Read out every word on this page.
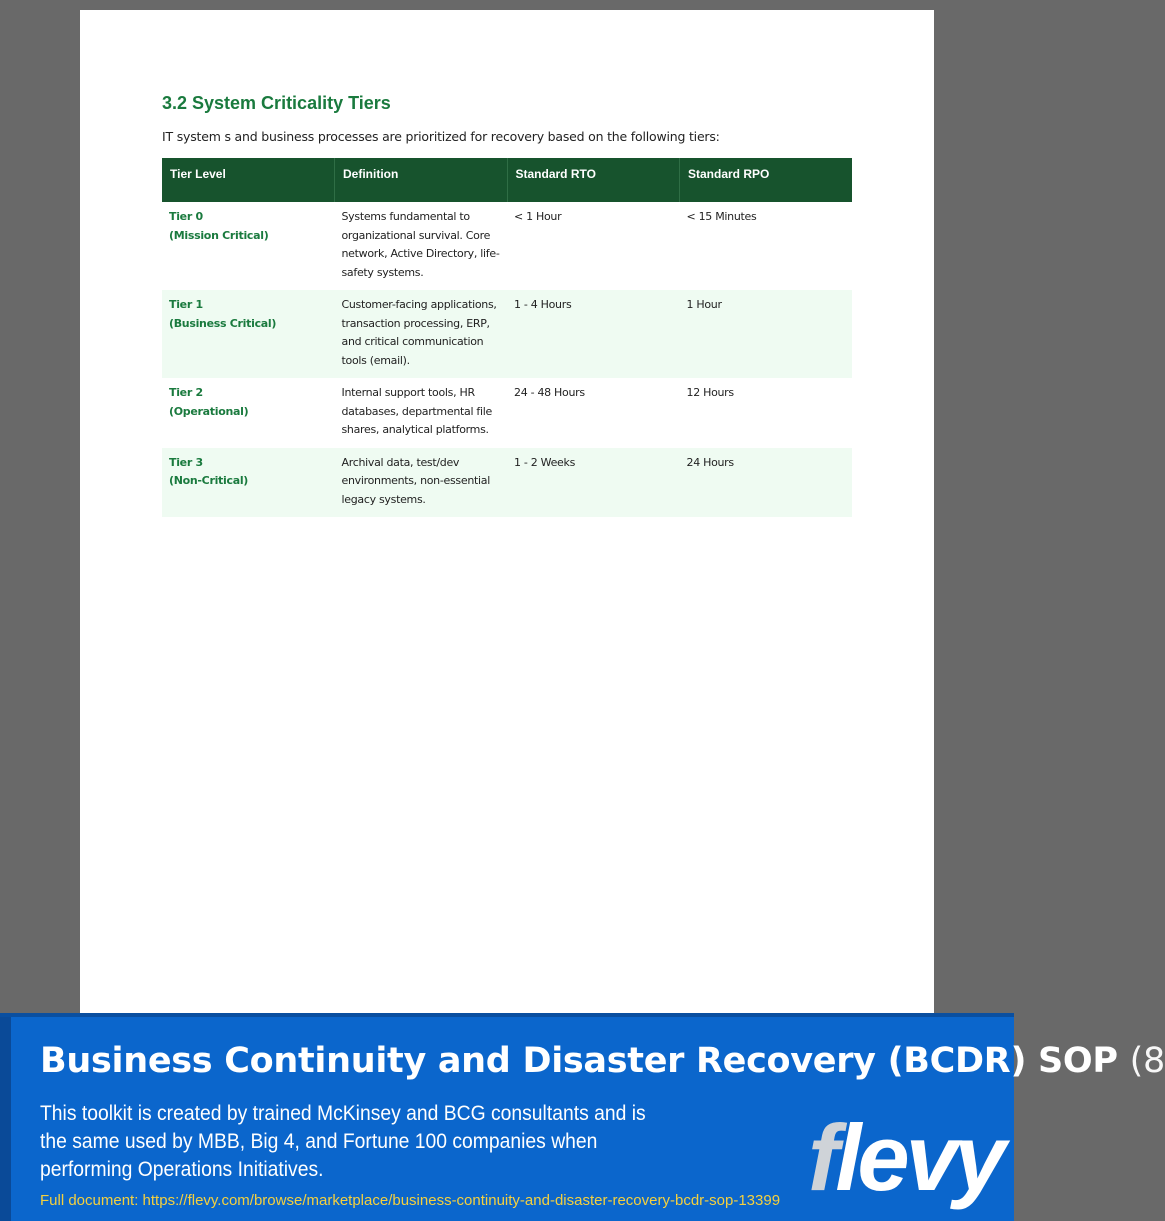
3.2 System Criticality Tiers

IT system s and business processes are prioritized for recovery based on the following tiers:

Tier Level	Definition	Standard RTO	Standard RPO

Tier 0
(Mission Critical)	Systems fundamental to organizational survival. Core network, Active Directory, life-safety systems.	< 1 Hour	< 15 Minutes

Tier 1
(Business Critical)	Customer-facing applications, transaction processing, ERP, and critical communication tools (email).	1 - 4 Hours	1 Hour

Tier 2
(Operational)	Internal support tools, HR databases, departmental file shares, analytical platforms.	24 - 48 Hours	12 Hours

Tier 3
(Non-Critical)	Archival data, test/dev environments, non-essential legacy systems.	1 - 2 Weeks	24 Hours
Business Continuity and Disaster Recovery (BCDR) SOP (8

This toolkit is created by trained McKinsey and BCG consultants and is the same used by MBB, Big 4, and Fortune 100 companies when performing Operations Initiatives.

Full document: https://flevy.com/browse/marketplace/business-continuity-and-disaster-recovery-bcdr-sop-13399 flevy
